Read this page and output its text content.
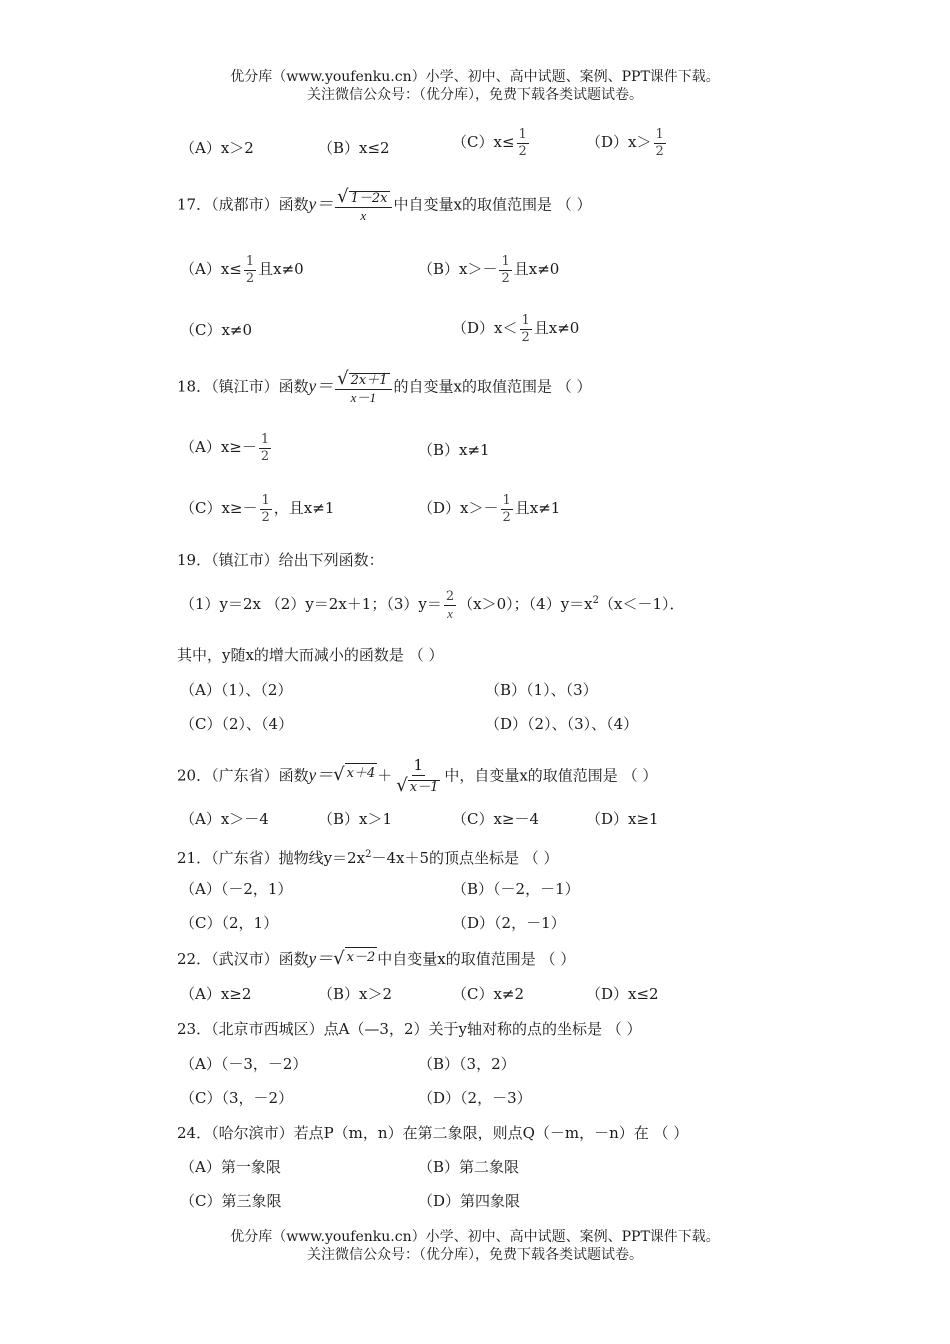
优分库（www.youfenku.cn）小学、初中、高中试题、案例、PPT课件下载。
关注微信公众号：（优分库），免费下载各类试题试卷。
（A）x＞2	（B）x≤2	$(C)x\le \frac{1}{2}$	$(D)x> \frac{1}{2}$
17．（成都市）函数$y= \frac{√ 1-2x}{x}$ 中自变量x的取值范围是 （ ）
$(A)x\le \frac{1}{2}$ 且x≠0	$(B)x>- \frac{1}{2}$ 且x≠0
（C）x≠0	$(D)x< \frac{1}{2}$ 且x≠0
18．（镇江市）函数$y= \frac{√ 2x+1}{x-1}$ 的自变量x的取值范围是 （ ）
$(A)x\ge- \frac{1}{2}$	（B）x≠1
$(C)x\ge- \frac{1}{2}$ ，且x≠1	$(D)x>- \frac{1}{2}$ 且x≠1
19．（镇江市）给出下列函数：
（1）y＝2x （2）y＝2x＋1；$(3)y= \frac{2}{x} (x>0)$；$(4)y=x^2(x<-1)$．
其中，y随x的增大而减小的函数是 （ ）
（A）（1）、（2）	（B）（1）、（3）
（C）（2）、（4）	（D）（2）、（3）、（4）
20．（广东省）函数y＝ √ $x+4 + \frac{1}{√ x-1}$ 中，自变量x的取值范围是 （ ）
（A）x＞－4	（B）x＞1	（C）x≥－4	（D）x≥1
21．（广东省）抛物线$y=2x^2-4x+5$的顶点坐标是 （ ）
（A）（－2，1）	（B）（－2，－1）
（C）（2，1）	（D）（2，－1）
22．（武汉市）函数y＝ √ x－2 中自变量x的取值范围是 （ ）
（A）x≥2	（B）x＞2	（C）x≠2	（D）x≤2
23．（北京市西城区）点A（—3，2）关于y轴对称的点的坐标是 （ ）
（A）（－3，－2）	（B）（3，2）
（C）（3，－2）	（D）（2，－3）
24．（哈尔滨市）若点P（m，n）在第二象限，则点Q（－m，－n）在 （ ）
（A）第一象限	（B）第二象限
（C）第三象限	（D）第四象限
优分库（www.youfenku.cn）小学、初中、高中试题、案例、PPT课件下载。
关注微信公众号：（优分库），免费下载各类试题试卷。
